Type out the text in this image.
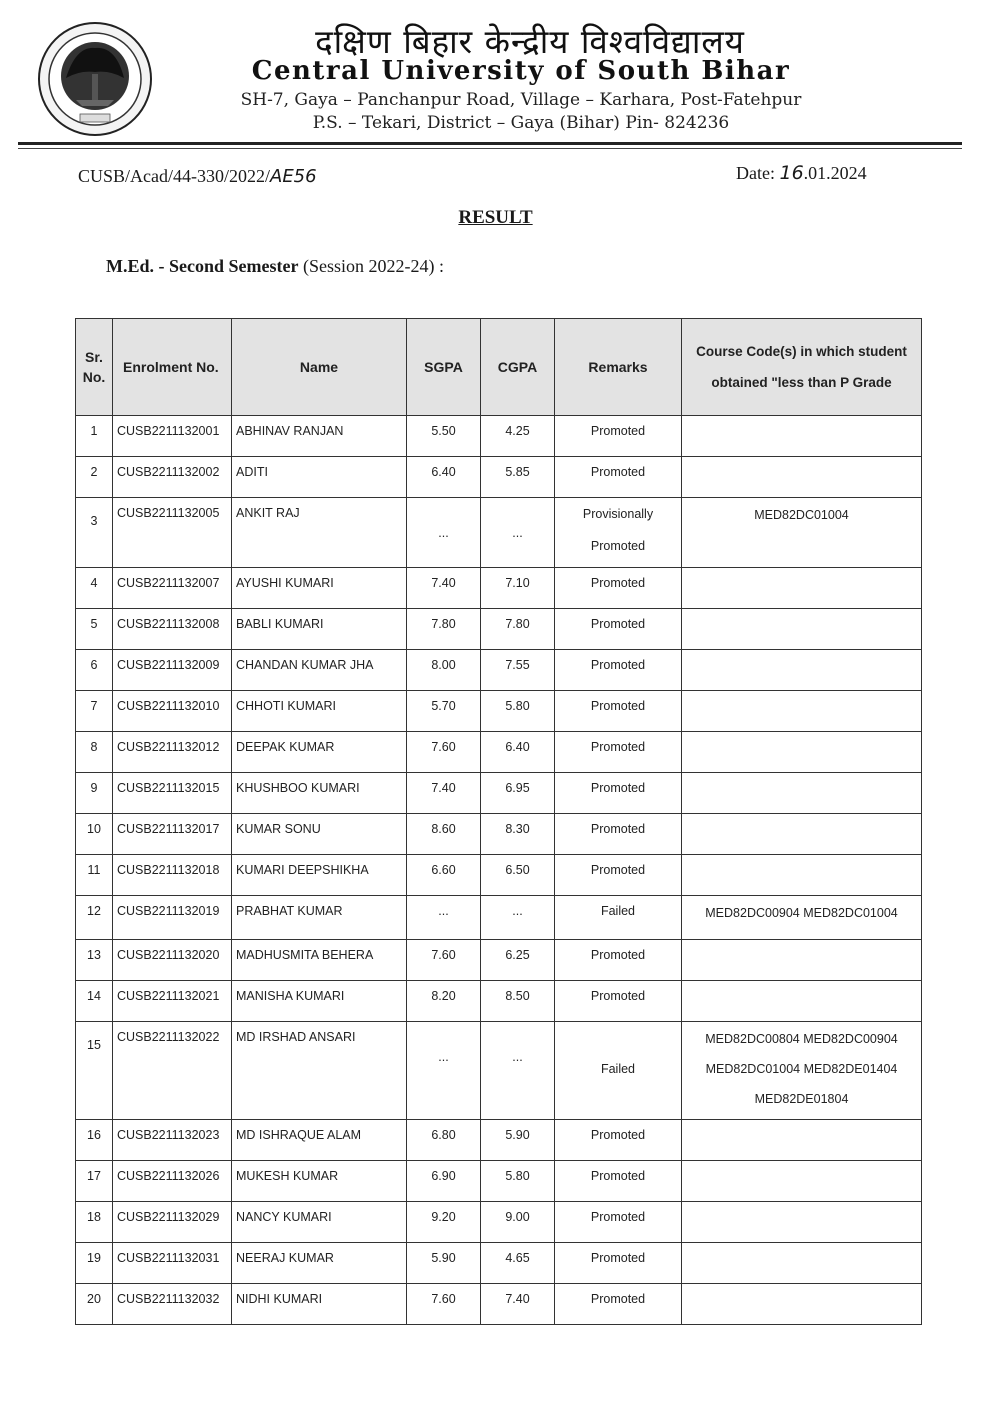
दक्षिण बिहार केन्द्रीय विश्वविद्यालय
Central University of South Bihar
SH-7, Gaya – Panchanpur Road, Village – Karhara, Post-Fatehpur
P.S. – Tekari, District – Gaya (Bihar) Pin- 824236
CUSB/Acad/44-330/2022/AE56	Date: 16.01.2024
RESULT
M.Ed. - Second Semester (Session 2022-24) :
Sr. No.	Enrolment No.	Name	SGPA	CGPA	Remarks	Course Code(s) in which student obtained "less than P Grade
1	CUSB2211132001	ABHINAV RANJAN	5.50	4.25	Promoted	
2	CUSB2211132002	ADITI	6.40	5.85	Promoted	
3	CUSB2211132005	ANKIT RAJ	...	...	Provisionally Promoted	MED82DC01004
4	CUSB2211132007	AYUSHI KUMARI	7.40	7.10	Promoted	
5	CUSB2211132008	BABLI KUMARI	7.80	7.80	Promoted	
6	CUSB2211132009	CHANDAN KUMAR JHA	8.00	7.55	Promoted	
7	CUSB2211132010	CHHOTI KUMARI	5.70	5.80	Promoted	
8	CUSB2211132012	DEEPAK KUMAR	7.60	6.40	Promoted	
9	CUSB2211132015	KHUSHBOO KUMARI	7.40	6.95	Promoted	
10	CUSB2211132017	KUMAR SONU	8.60	8.30	Promoted	
11	CUSB2211132018	KUMARI DEEPSHIKHA	6.60	6.50	Promoted	
12	CUSB2211132019	PRABHAT KUMAR	...	...	Failed	MED82DC00904 MED82DC01004
13	CUSB2211132020	MADHUSMITA BEHERA	7.60	6.25	Promoted	
14	CUSB2211132021	MANISHA KUMARI	8.20	8.50	Promoted	
15	CUSB2211132022	MD IRSHAD ANSARI	...	...	Failed	MED82DC00804 MED82DC00904 MED82DC01004 MED82DE01404 MED82DE01804
16	CUSB2211132023	MD ISHRAQUE ALAM	6.80	5.90	Promoted	
17	CUSB2211132026	MUKESH KUMAR	6.90	5.80	Promoted	
18	CUSB2211132029	NANCY KUMARI	9.20	9.00	Promoted	
19	CUSB2211132031	NEERAJ KUMAR	5.90	4.65	Promoted	
20	CUSB2211132032	NIDHI KUMARI	7.60	7.40	Promoted	
